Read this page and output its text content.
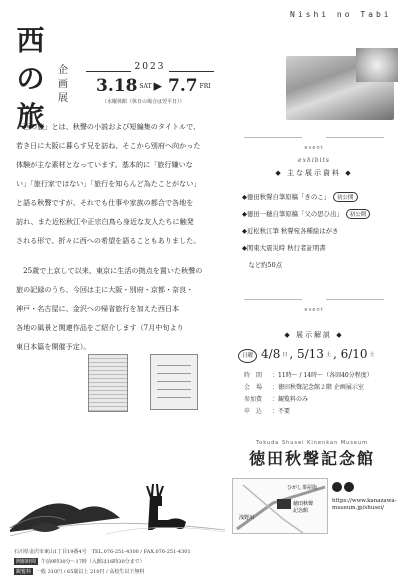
Nishi no Tabi
西
の
旅
企
画
展
2023
3.18 SAT ▸ 7.7 FRI
（水曜休館（休日の場合は翌平日））
「西の旅」とは、秋聲の小説および短編集のタイトルで、
若き日に大阪に暮らす兄を訪ね、そこから別府へ向かった
体験が主な素材となっています。基本的に「旅行嫌いな
い」「旅行家ではない」「旅行を知らんど為たことがない」
と語る秋聲ですが、それでも仕事や家族の都合で各地を
訪れ、また近松秋江や正宗白鳥ら身近な友人たちに触発
される形で、折々に西への希望を語ることもありました。
　25歳で上京して以来、東京に生活の拠点を置いた秋聲の
旅の記録のうち、今回は主に大阪・別府・京都・奈良・
神戸・名古屋に、金沢への帰省旅行を加えた西日本
各地の風景と関連作品をご紹介します（7月中旬より
東日本篇を開催予定）。
event
exhibits
◆ 主な展示資料 ◆
◆徳田秋聲自筆原稿「きのこ」 初公開
◆徳田一穂自筆原稿「父の思ひ出」 初公開
◆近松秋江筆 秋聲宛各種絵はがき
◆関東大震災時 秋行者証明書
　など約50点
event
◆ 展示解説 ◆
日曜 4/8 日 , 5/13 土 , 6/10 土
時　間 ：11時〜 / 14時〜（各回40分程度）
会　場 ：徳田秋聲記念館２階 企画展示室
参加費 ：観覧料のみ
申　込 ：不要
Tokuda Shusei Kinenkan Museum
徳田秋聲記念館
ひがし茶屋街
徳田秋聲
記念館
浅野川
https://www.kanazawa-
museum.jp/shusei/
石川県金沢市東山1丁目19番4号　TEL.076-251-4300 / FAX.076-251-4301
開館時間 午前9時30分〜17時（入館は16時30分まで）
観覧料 一般 310円 / 65歳以上 210円 / 高校生以下無料
